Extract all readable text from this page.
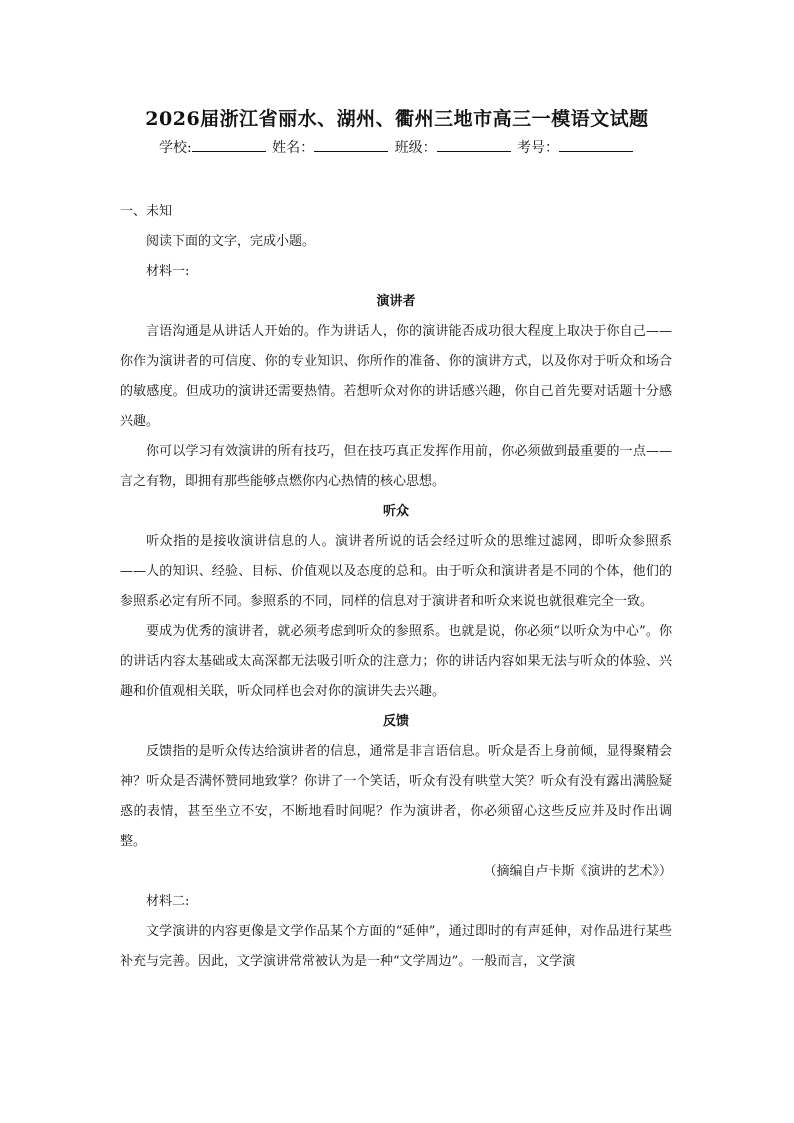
2026届浙江省丽水、湖州、衢州三地市高三一模语文试题
学校:	姓名：	班级：	考号：

一、未知

阅读下面的文字，完成小题。

材料一:

演讲者

言语沟通是从讲话人开始的。作为讲话人，你的演讲能否成功很大程度上取决于你自己——你作为演讲者的可信度、你的专业知识、你所作的准备、你的演讲方式，以及你对于听众和场合的敏感度。但成功的演讲还需要热情。若想听众对你的讲话感兴趣，你自己首先要对话题十分感兴趣。

你可以学习有效演讲的所有技巧，但在技巧真正发挥作用前，你必须做到最重要的一点——言之有物，即拥有那些能够点燃你内心热情的核心思想。

听众

听众指的是接收演讲信息的人。演讲者所说的话会经过听众的思维过滤网，即听众参照系——人的知识、经验、目标、价值观以及态度的总和。由于听众和演讲者是不同的个体，他们的参照系必定有所不同。参照系的不同，同样的信息对于演讲者和听众来说也就很难完全一致。

要成为优秀的演讲者，就必须考虑到听众的参照系。也就是说，你必须“以听众为中心”。你的讲话内容太基础或太高深都无法吸引听众的注意力；你的讲话内容如果无法与听众的体验、兴趣和价值观相关联，听众同样也会对你的演讲失去兴趣。

反馈

反馈指的是听众传达给演讲者的信息，通常是非言语信息。听众是否上身前倾，显得聚精会神？听众是否满怀赞同地致掌？你讲了一个笑话，听众有没有哄堂大笑？听众有没有露出满脸疑惑的表情，甚至坐立不安，不断地看时间呢？作为演讲者，你必须留心这些反应并及时作出调整。

（摘编自卢卡斯《演讲的艺术》）

材料二:

文学演讲的内容更像是文学作品某个方面的“延伸”，通过即时的有声延伸，对作品进行某些补充与完善。因此，文学演讲常常被认为是一种“文学周边”。一般而言，文学演
